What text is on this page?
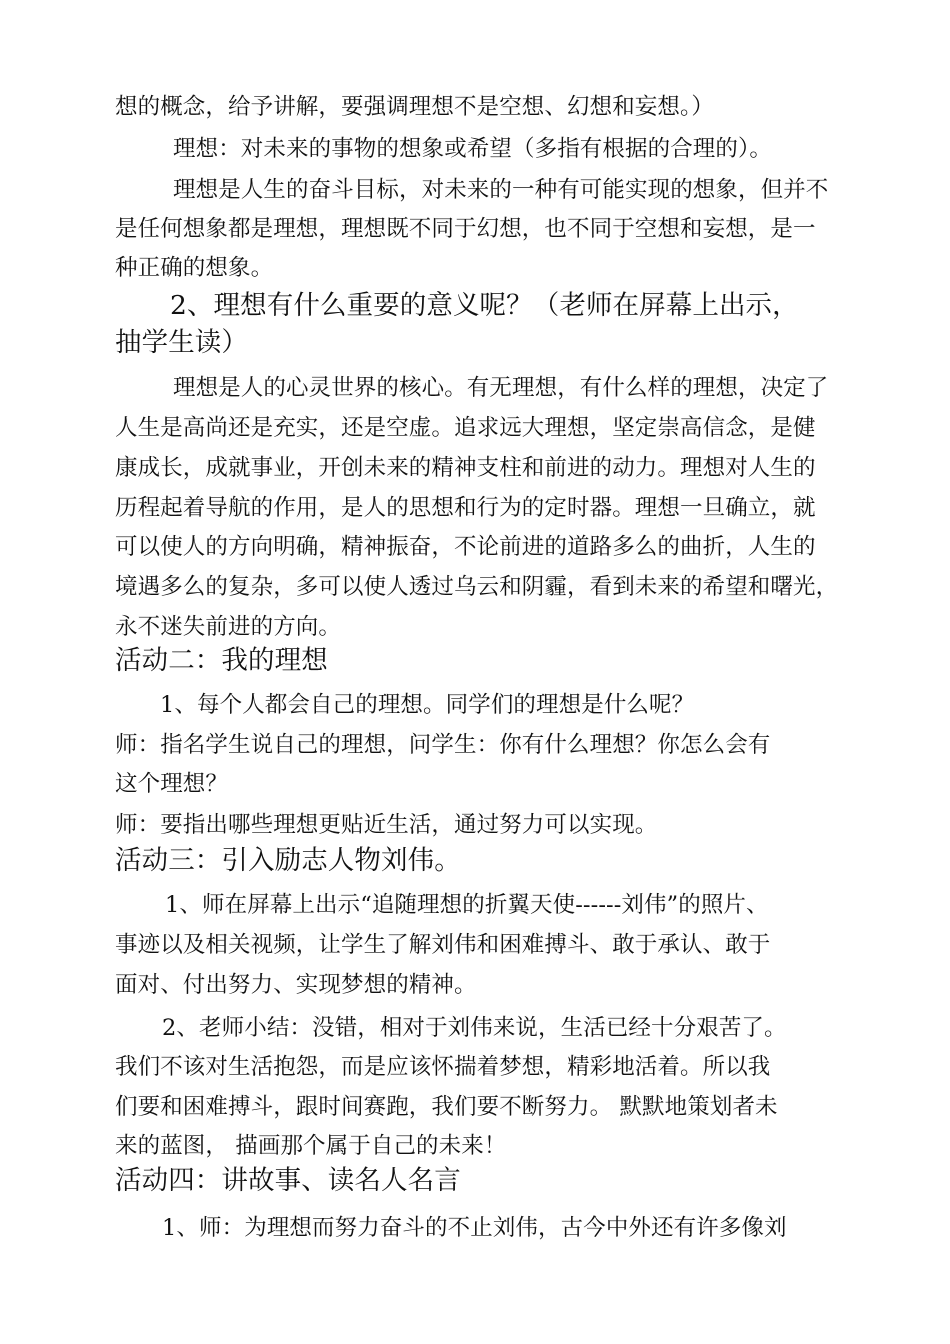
想的概念，给予讲解，要强调理想不是空想、幻想和妄想。）
理想：对未来的事物的想象或希望（多指有根据的合理的）。
理想是人生的奋斗目标，对未来的一种有可能实现的想象，但并不
是任何想象都是理想，理想既不同于幻想，也不同于空想和妄想，是一
种正确的想象。
2、理想有什么重要的意义呢？（老师在屏幕上出示，
抽学生读）
理想是人的心灵世界的核心。有无理想，有什么样的理想，决定了
人生是高尚还是充实，还是空虚。追求远大理想，坚定崇高信念，是健
康成长，成就事业，开创未来的精神支柱和前进的动力。理想对人生的
历程起着导航的作用，是人的思想和行为的定时器。理想一旦确立，就
可以使人的方向明确，精神振奋，不论前进的道路多么的曲折，人生的
境遇多么的复杂，多可以使人透过乌云和阴霾，看到未来的希望和曙光，
永不迷失前进的方向。
活动二：我的理想
1、每个人都会自己的理想。同学们的理想是什么呢？
师：指名学生说自己的理想，问学生：你有什么理想？你怎么会有
这个理想？
师：要指出哪些理想更贴近生活，通过努力可以实现。
活动三：引入励志人物刘伟。
1、师在屏幕上出示“追随理想的折翼天使------刘伟”的照片、
事迹以及相关视频，让学生了解刘伟和困难搏斗、敢于承认、敢于
面对、付出努力、实现梦想的精神。
2、老师小结：没错，相对于刘伟来说，生活已经十分艰苦了。
我们不该对生活抱怨，而是应该怀揣着梦想，精彩地活着。所以我
们要和困难搏斗，跟时间赛跑，我们要不断努力。 默默地策划者未
来的蓝图， 描画那个属于自己的未来！
活动四：讲故事、读名人名言
1、师：为理想而努力奋斗的不止刘伟，古今中外还有许多像刘
